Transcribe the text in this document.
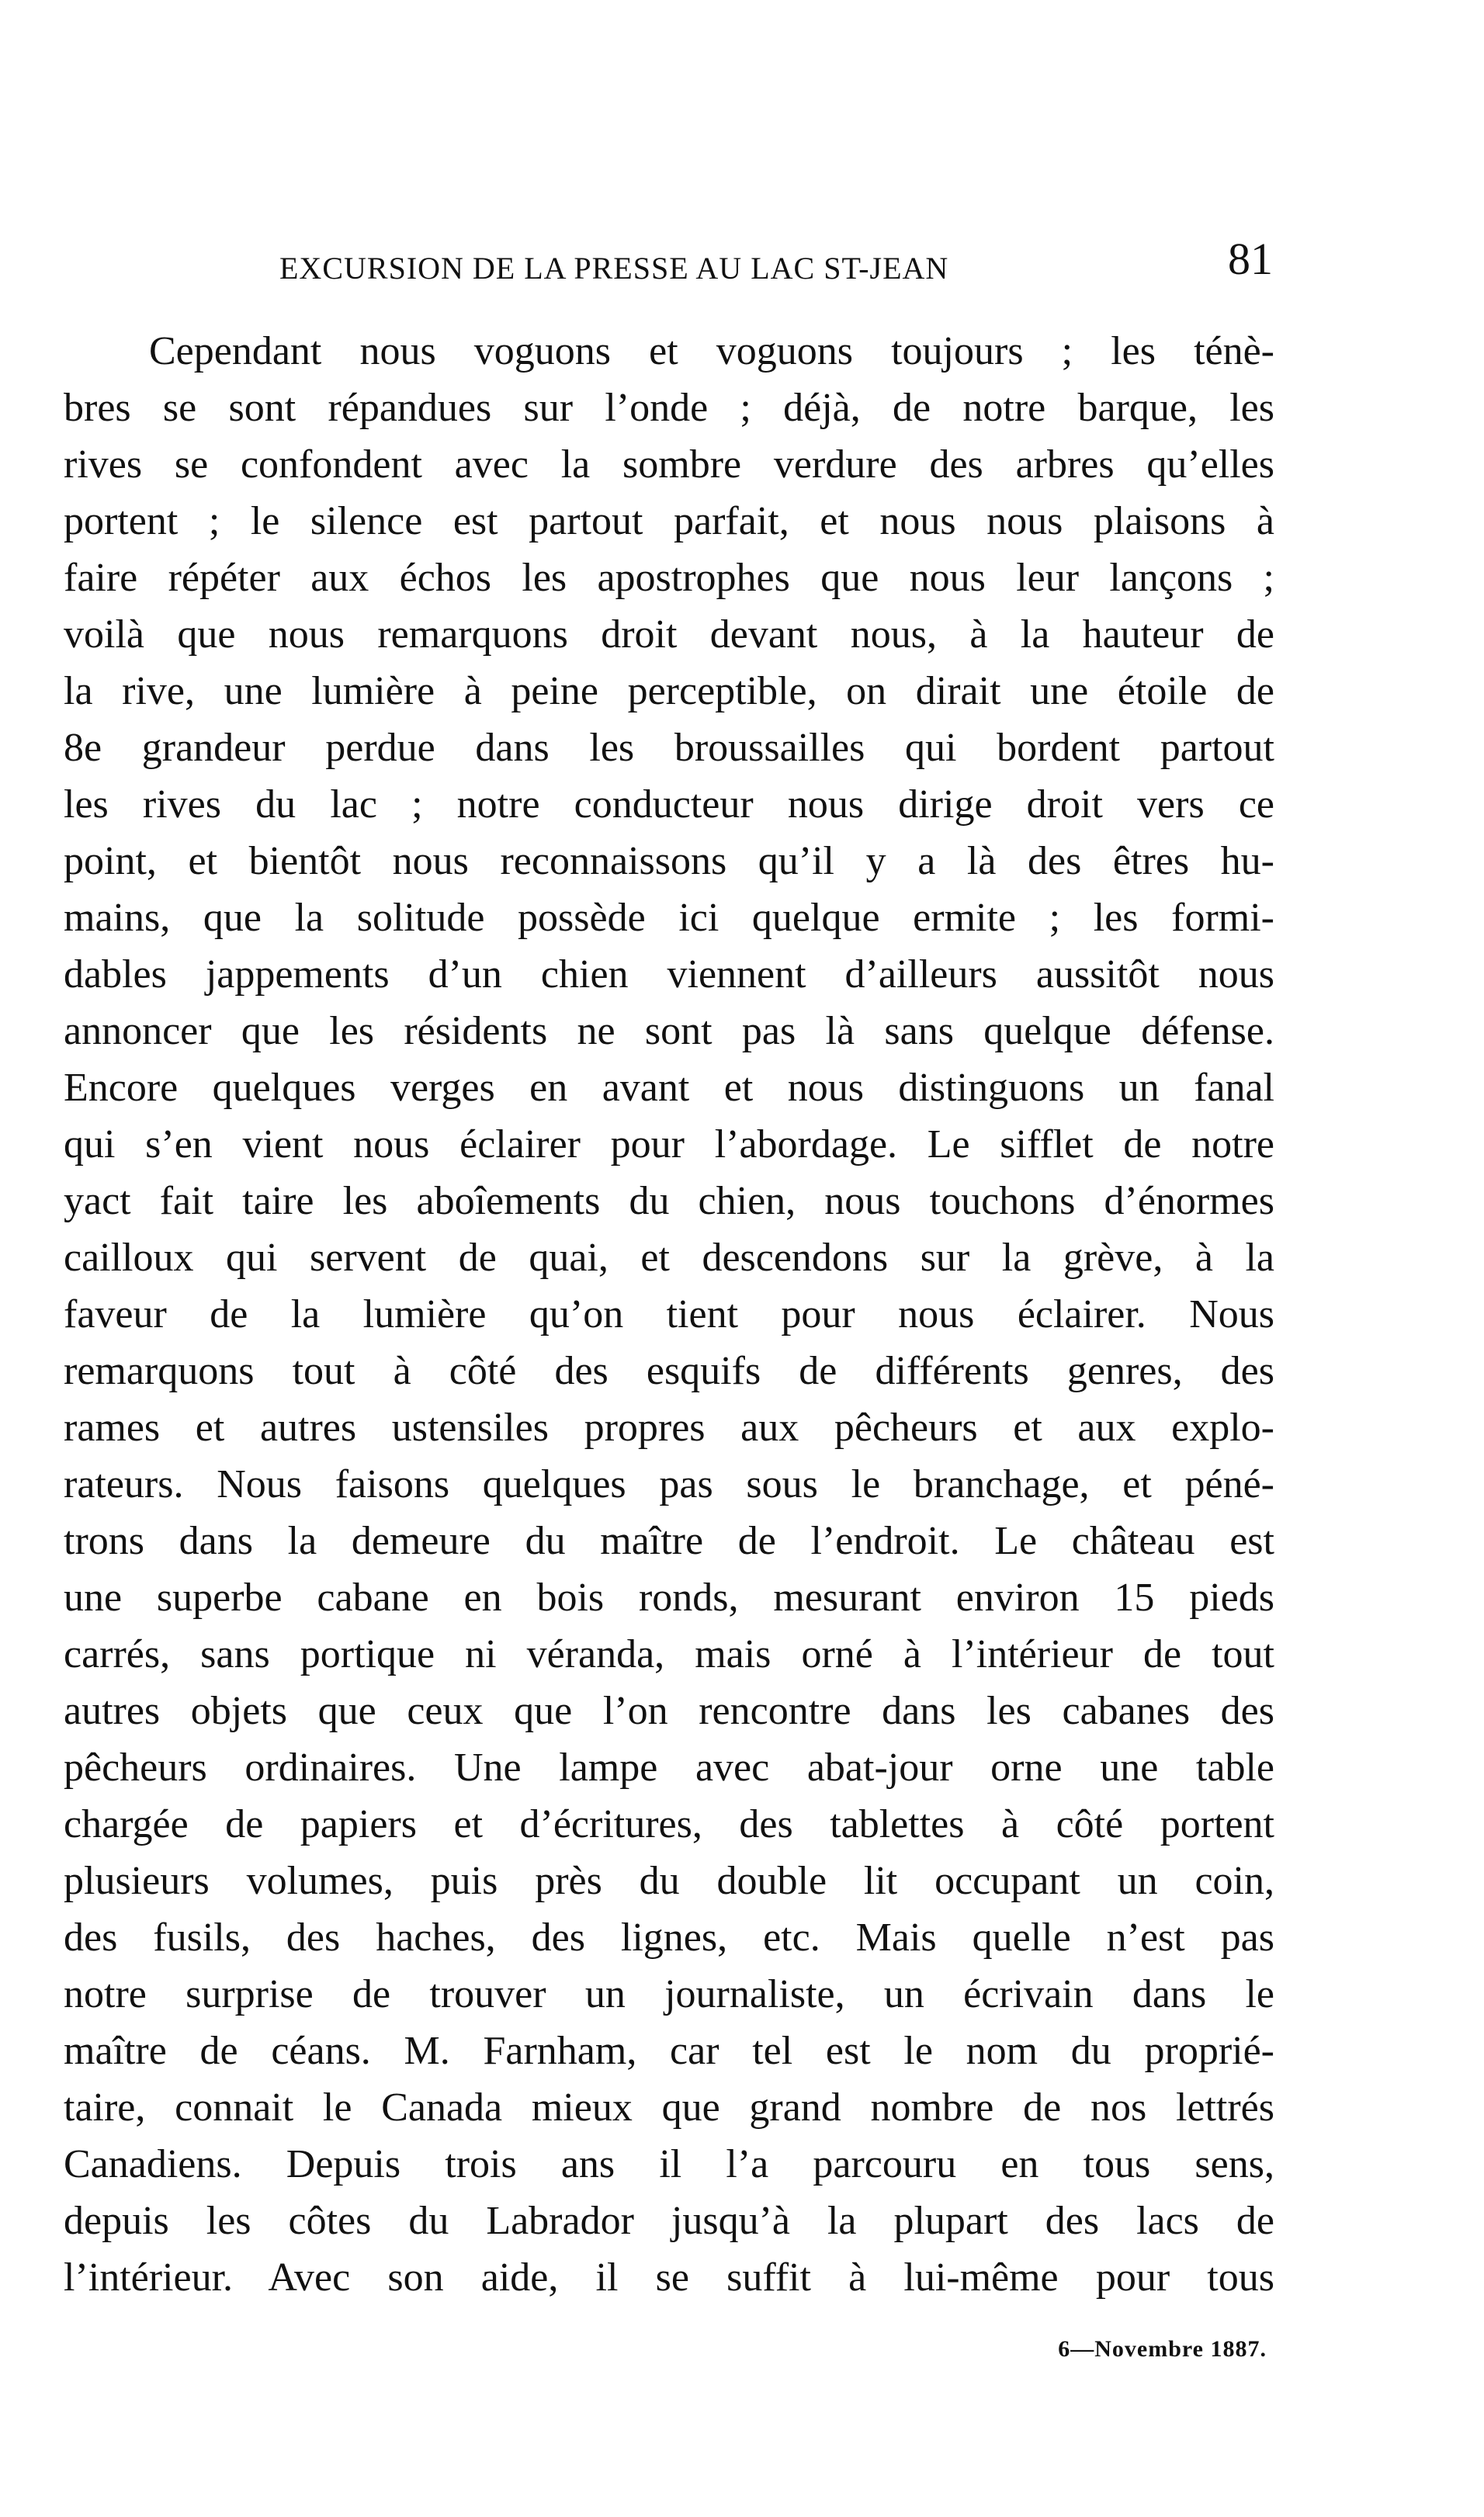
EXCURSION DE LA PRESSE AU LAC ST-JEAN	81
Cependant nous voguons et voguons toujours ; les ténè-
bres se sont répandues sur l’onde ; déjà, de notre barque, les
rives se confondent avec la sombre verdure des arbres qu’elles
portent ; le silence est partout parfait, et nous nous plaisons à
faire répéter aux échos les apostrophes que nous leur lançons ;
voilà que nous remarquons droit devant nous, à la hauteur de
la rive, une lumière à peine perceptible, on dirait une étoile de
8e grandeur perdue dans les broussailles qui bordent partout
les rives du lac ; notre conducteur nous dirige droit vers ce
point, et bientôt nous reconnaissons qu’il y a là des êtres hu-
mains, que la solitude possède ici quelque ermite ; les formi-
dables jappements d’un chien viennent d’ailleurs aussitôt nous
annoncer que les résidents ne sont pas là sans quelque défense.
Encore quelques verges en avant et nous distinguons un fanal
qui s’en vient nous éclairer pour l’abordage. Le sifflet de notre
yact fait taire les aboîements du chien, nous touchons d’énormes
cailloux qui servent de quai, et descendons sur la grève, à la
faveur de la lumière qu’on tient pour nous éclairer. Nous
remarquons tout à côté des esquifs de différents genres, des
rames et autres ustensiles propres aux pêcheurs et aux explo-
rateurs. Nous faisons quelques pas sous le branchage, et péné-
trons dans la demeure du maître de l’endroit. Le château est
une superbe cabane en bois ronds, mesurant environ 15 pieds
carrés, sans portique ni véranda, mais orné à l’intérieur de tout
autres objets que ceux que l’on rencontre dans les cabanes des
pêcheurs ordinaires. Une lampe avec abat-jour orne une table
chargée de papiers et d’écritures, des tablettes à côté portent
plusieurs volumes, puis près du double lit occupant un coin,
des fusils, des haches, des lignes, etc. Mais quelle n’est pas
notre surprise de trouver un journaliste, un écrivain dans le
maître de céans. M. Farnham, car tel est le nom du proprié-
taire, connait le Canada mieux que grand nombre de nos lettrés
Canadiens. Depuis trois ans il l’a parcouru en tous sens,
depuis les côtes du Labrador jusqu’à la plupart des lacs de
l’intérieur. Avec son aide, il se suffit à lui-même pour tous
6—Novembre 1887.
